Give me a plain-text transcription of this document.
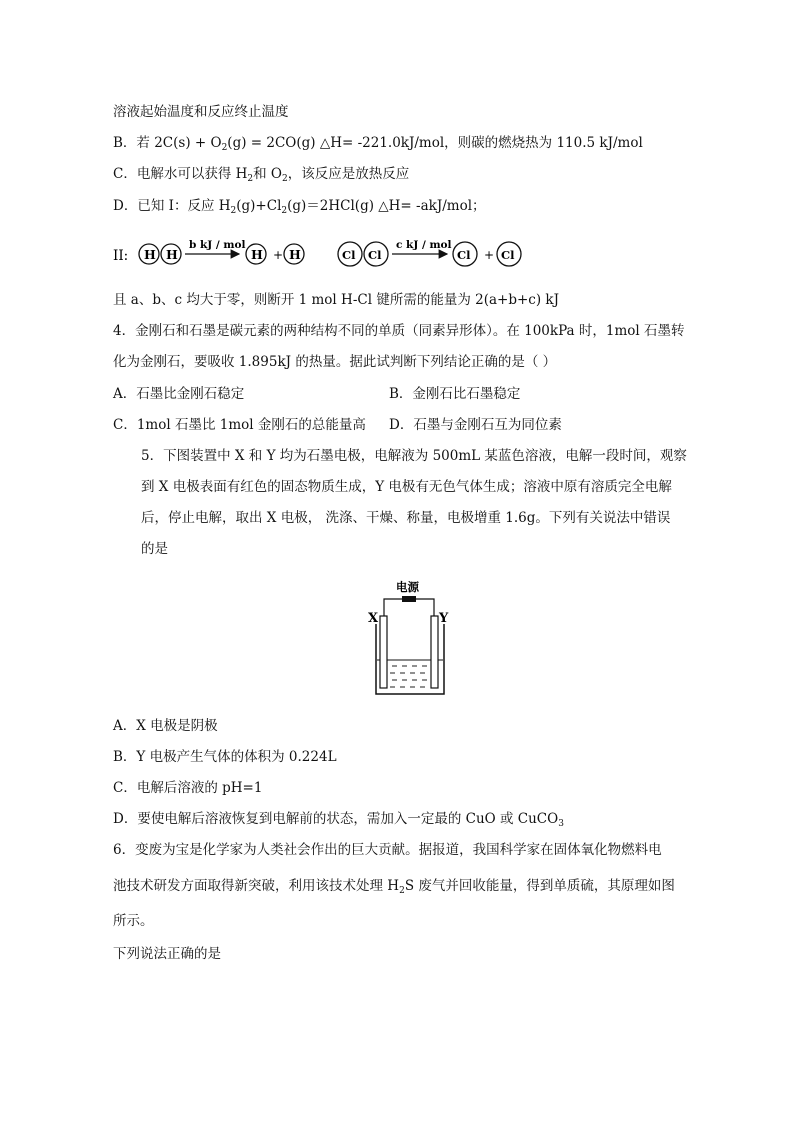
溶液起始温度和反应终止温度
B．若 $2C(s) + O_2(g) = 2CO(g)$ △H= -221.0kJ/mol，则碳的燃烧热为 110.5 kJ/mol
C．电解水可以获得 $H_2$和 $O_2$，该反应是放热反应
D．已知 I：反应 $H_2(g)+Cl_2(g)=2HCl(g)$ △H= -akJ/mol；
II: H H
b kJ / mol
H + H	Cl Cl
c kJ / mol
Cl + Cl
且 a、b、c 均大于零，则断开 1 mol H-Cl 键所需的能量为 2(a+b+c) kJ
4．金刚石和石墨是碳元素的两种结构不同的单质（同素异形体）。在 100kPa 时，1mol 石墨转
化为金刚石，要吸收 1.895kJ 的热量。据此试判断下列结论正确的是（ ）
A．石墨比金刚石稳定	B．金刚石比石墨稳定
C．1mol 石墨比 1mol 金刚石的总能量高 D．石墨与金刚石互为同位素
5．下图装置中 X 和 Y 均为石墨电极，电解液为 500mL 某蓝色溶液，电解一段时间，观察
到 X 电极表面有红色的固态物质生成，Y 电极有无色气体生成；溶液中原有溶质完全电解
后，停止电解，取出 X 电极， 洗涤、干燥、称量，电极增重 1.6g。下列有关说法中错误
的是
电源
X	Y
A．X 电极是阴极
B．Y 电极产生气体的体积为 0.224L
C．电解后溶液的 pH=1
D．要使电解后溶液恢复到电解前的状态，需加入一定最的 CuO 或 CuCO$_3$
6．变废为宝是化学家为人类社会作出的巨大贡献。据报道，我国科学家在固体氧化物燃料电
池技术研发方面取得新突破，利用该技术处理 $H_2S$ 废气并回收能量，得到单质硫，其原理如图
所示。
下列说法正确的是
